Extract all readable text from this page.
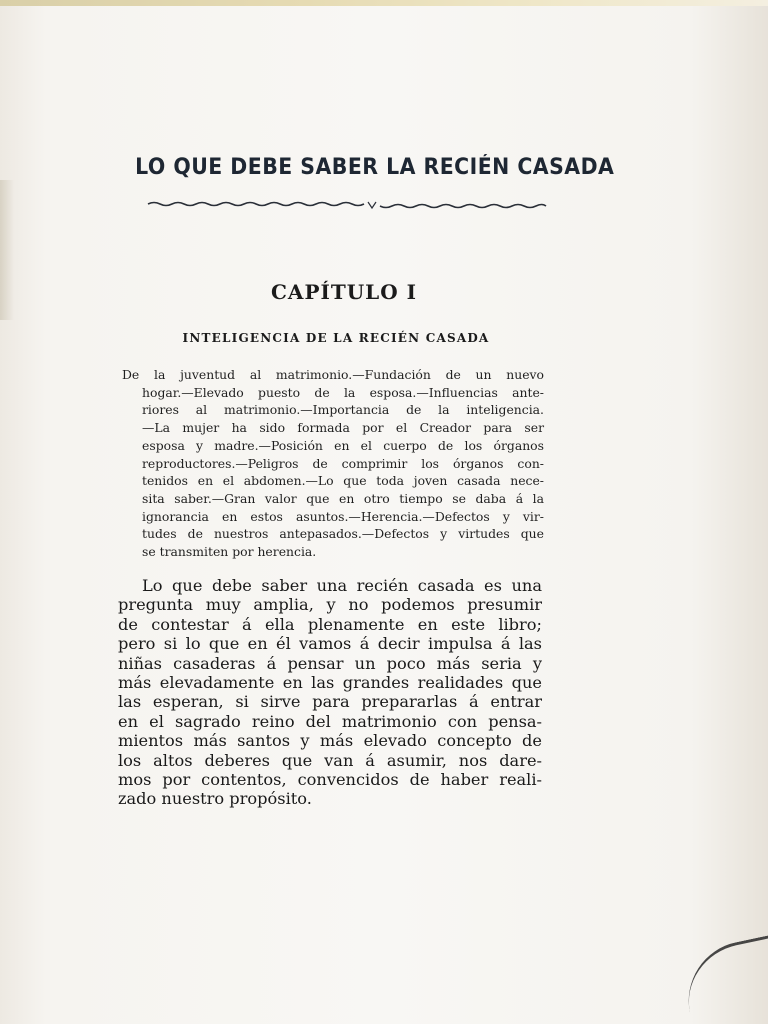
LO QUE DEBE SABER LA RECIÉN CASADA
CAPÍTULO I
INTELIGENCIA DE LA RECIÉN CASADA

De la juventud al matrimonio.—Fundación de un nuevo
hogar.—Elevado puesto de la esposa.—Influencias ante-
riores al matrimonio.—Importancia de la inteligencia.
—La mujer ha sido formada por el Creador para ser
esposa y madre.—Posición en el cuerpo de los órganos
reproductores.—Peligros de comprimir los órganos con-
tenidos en el abdomen.—Lo que toda joven casada nece-
sita saber.—Gran valor que en otro tiempo se daba á la
ignorancia en estos asuntos.—Herencia.—Defectos y vir-
tudes de nuestros antepasados.—Defectos y virtudes que
se transmiten por herencia.

Lo que debe saber una recién casada es una
pregunta muy amplia, y no podemos presumir
de contestar á ella plenamente en este libro;
pero si lo que en él vamos á decir impulsa á las
niñas casaderas á pensar un poco más seria y
más elevadamente en las grandes realidades que
las esperan, si sirve para prepararlas á entrar
en el sagrado reino del matrimonio con pensa-
mientos más santos y más elevado concepto de
los altos deberes que van á asumir, nos dare-
mos por contentos, convencidos de haber reali-
zado nuestro propósito.
